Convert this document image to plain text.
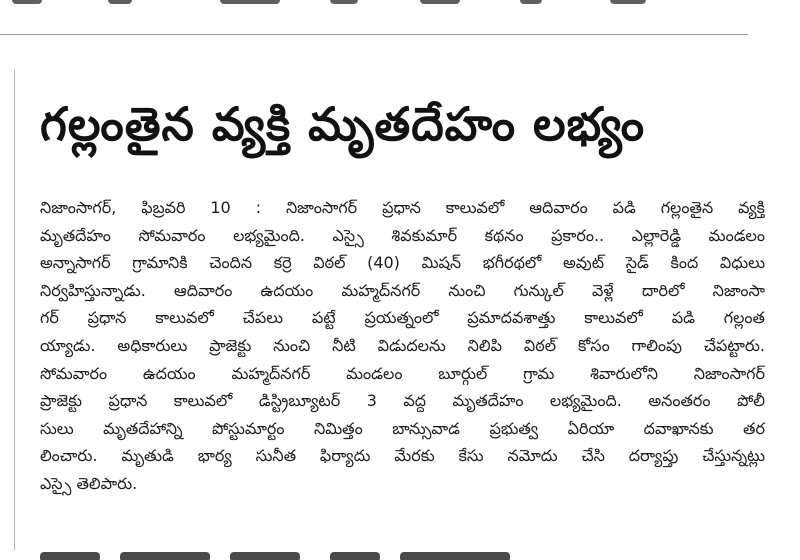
గల్లంతైన వ్యక్తి మృతదేహం లభ్యం
నిజాంసాగర్, ఫిబ్రవరి 10 : నిజాంసాగర్ ప్రధాన కాలువలో ఆదివారం పడి గల్లంతైన వ్యక్తి
మృతదేహం సోమవారం లభ్యమైంది. ఎస్సై శివకుమార్ కథనం ప్రకారం.. ఎల్లారెడ్డి మండలం
అన్నాసాగర్ గ్రామానికి చెందిన కర్రె విఠల్ (40) మిషన్ భగీరథలో అవుట్ సైడ్ కింద విధులు
నిర్వహిస్తున్నాడు. ఆదివారం ఉదయం మహ్మద్‌నగర్ నుంచి గున్కుల్ వెళ్లే దారిలో నిజాంసా
గర్ ప్రధాన కాలువలో చేపలు పట్టే ప్రయత్నంలో ప్రమాదవశాత్తు కాలువలో పడి గల్లంత
య్యాడు. అధికారులు ప్రాజెక్టు నుంచి నీటి విడుదలను నిలిపి విఠల్ కోసం గాలింపు చేపట్టారు.
సోమవారం ఉదయం మహ్మద్‌నగర్ మండలం బూర్గుల్ గ్రామ శివారులోని నిజాంసాగర్
ప్రాజెక్టు ప్రధాన కాలువలో డిస్ట్రిబ్యూటర్ 3 వద్ద మృతదేహం లభ్యమైంది. అనంతరం పోలీ
సులు మృతదేహాన్ని పోస్టుమార్టం నిమిత్తం బాన్సువాడ ప్రభుత్వ ఏరియా దవాఖానకు తర
లించారు. మృతుడి భార్య సునీత ఫిర్యాదు మేరకు కేసు నమోదు చేసి దర్యాప్తు చేస్తున్నట్లు
ఎస్సై తెలిపారు.
